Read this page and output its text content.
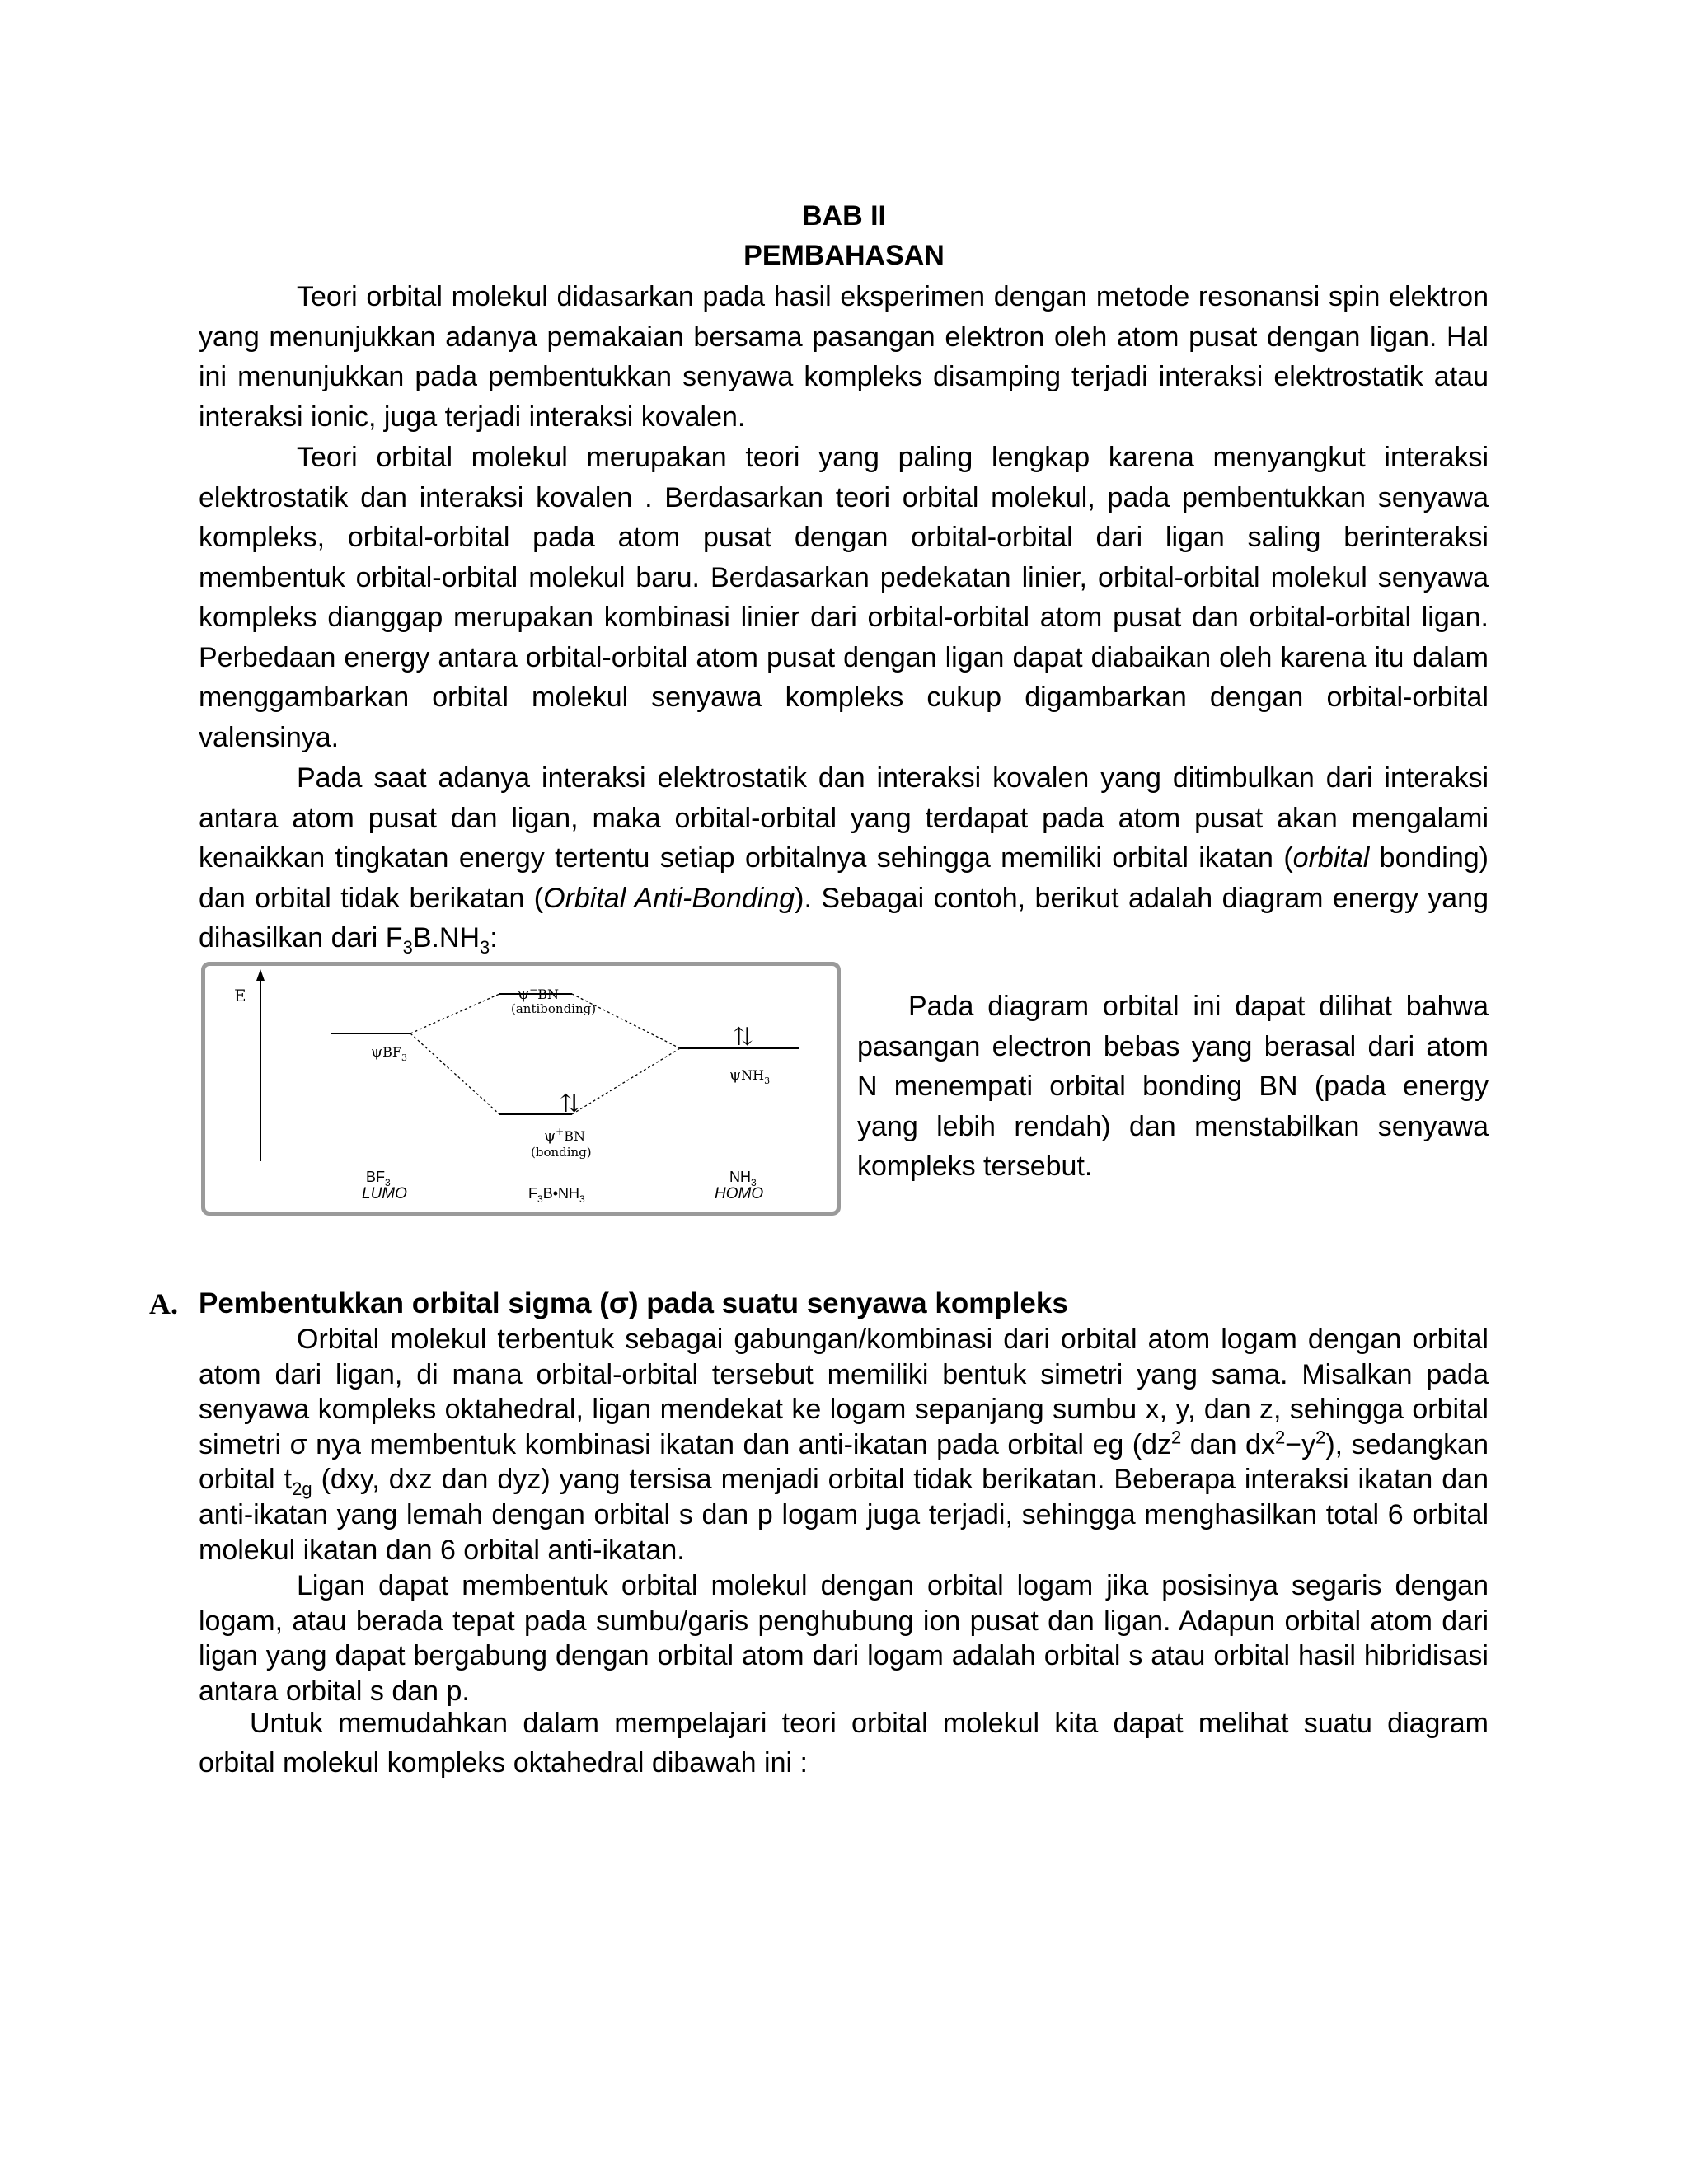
BAB II
PEMBAHASAN

Teori orbital molekul didasarkan pada hasil eksperimen dengan metode resonansi spin elektron yang menunjukkan adanya pemakaian bersama pasangan elektron oleh atom pusat dengan ligan. Hal ini menunjukkan pada pembentukkan senyawa kompleks disamping terjadi interaksi elektrostatik atau interaksi ionic, juga terjadi interaksi kovalen.

Teori orbital molekul merupakan teori yang paling lengkap karena menyangkut interaksi elektrostatik dan interaksi kovalen . Berdasarkan teori orbital molekul, pada pembentukkan senyawa kompleks, orbital-orbital pada atom pusat dengan orbital-orbital dari ligan saling berinteraksi membentuk orbital-orbital molekul baru. Berdasarkan pedekatan linier, orbital-orbital molekul senyawa kompleks dianggap merupakan kombinasi linier dari orbital-orbital atom pusat dan orbital-orbital ligan. Perbedaan energy antara orbital-orbital atom pusat dengan ligan dapat diabaikan oleh karena itu dalam menggambarkan orbital molekul senyawa kompleks cukup digambarkan dengan orbital-orbital valensinya.

Pada saat adanya interaksi elektrostatik dan interaksi kovalen yang ditimbulkan dari interaksi antara atom pusat dan ligan, maka orbital-orbital yang terdapat pada atom pusat akan mengalami kenaikkan tingkatan energy tertentu setiap orbitalnya sehingga memiliki orbital ikatan (orbital bonding) dan orbital tidak berikatan (Orbital Anti-Bonding). Sebagai contoh, berikut adalah diagram energy yang dihasilkan dari $F_3B.NH_3$:

E	ψ−BN
(antibonding)
ψBF$_3$
⇅
ψNH$_3$
⇅
ψ+BN
(bonding)
$BF_3$
LUMO	$F_3B•NH_3$
$NH_3$
HOMO

Pada diagram orbital ini dapat dilihat bahwa pasangan electron bebas yang berasal dari atom N menempati orbital bonding BN (pada energy yang lebih rendah) dan menstabilkan senyawa kompleks tersebut.

A. Pembentukkan orbital sigma (σ) pada suatu senyawa kompleks

Orbital molekul terbentuk sebagai gabungan/kombinasi dari orbital atom logam dengan orbital atom dari ligan, di mana orbital-orbital tersebut memiliki bentuk simetri yang sama. Misalkan pada senyawa kompleks oktahedral, ligan mendekat ke logam sepanjang sumbu x, y, dan z, sehingga orbital simetri σ nya membentuk kombinasi ikatan dan anti-ikatan pada orbital eg ($dz^2$ dan $dx^2-y^2$), sedangkan orbital $t_{2g}$ (dxy, dxz dan dyz) yang tersisa menjadi orbital tidak berikatan. Beberapa interaksi ikatan dan anti-ikatan yang lemah dengan orbital s dan p logam juga terjadi, sehingga menghasilkan total 6 orbital molekul ikatan dan 6 orbital anti-ikatan.

Ligan dapat membentuk orbital molekul dengan orbital logam jika posisinya segaris dengan logam, atau berada tepat pada sumbu/garis penghubung ion pusat dan ligan. Adapun orbital atom dari ligan yang dapat bergabung dengan orbital atom dari logam adalah orbital s atau orbital hasil hibridisasi antara orbital s dan p.

Untuk memudahkan dalam mempelajari teori orbital molekul kita dapat melihat suatu diagram orbital molekul kompleks oktahedral dibawah ini :
